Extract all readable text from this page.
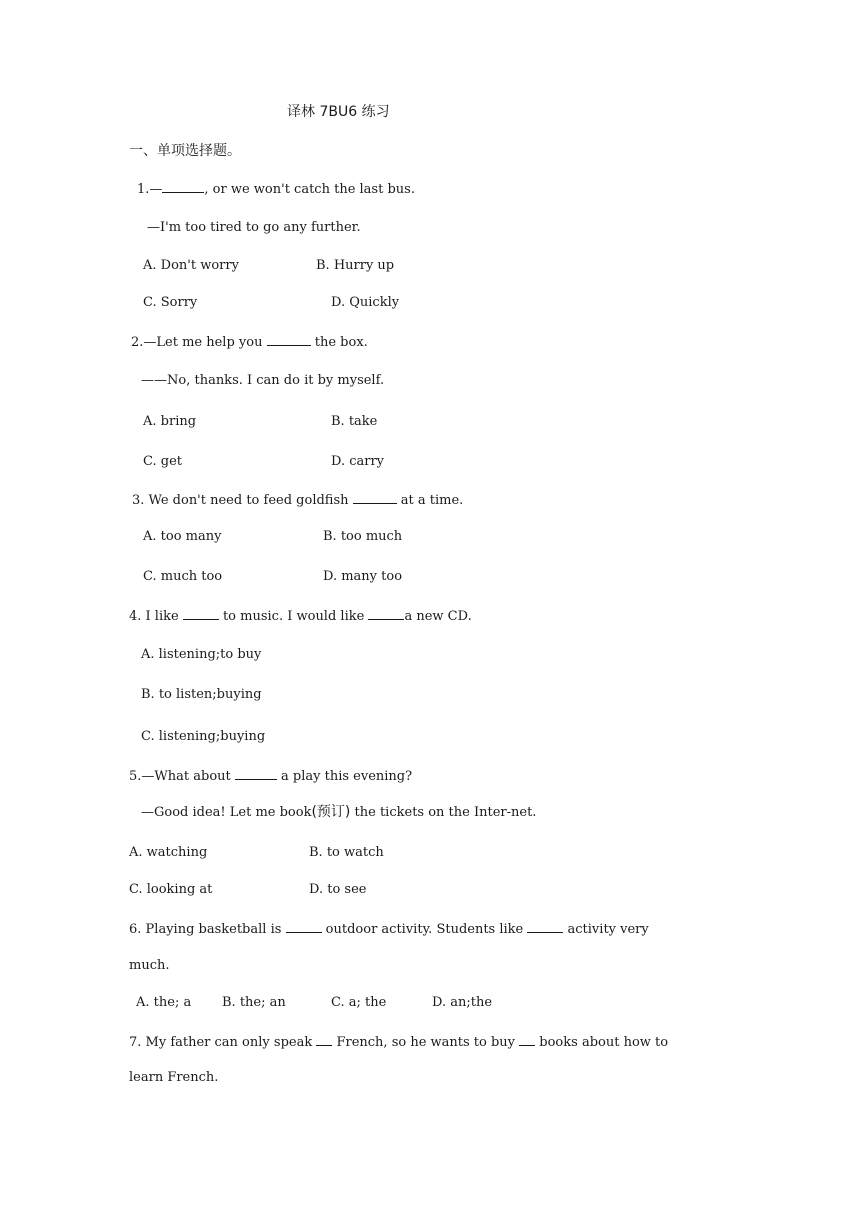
译林 7BU6 练习
一、单项选择题。
1.—	, or we won't catch the last bus.
—I'm too tired to go any further.
A. Don't worry	B. Hurry up
C. Sorry	D. Quickly
2.—Let me help you	the box.
——No, thanks. I can do it by myself.
A. bring	B. take
C. get	D. carry
3. We don't need to feed goldfish	at a time.
A. too many	B. too much
C. much too	D. many too
4. I like	to music. I would like	a new CD.
A. listening;to buy
B. to listen;buying
C. listening;buying
5.—What about	a play this evening?
—Good idea! Let me book(预订) the tickets on the Inter-net.
A. watching	B. to watch
C. looking at	D. to see
6. Playing basketball is	outdoor activity. Students like	activity very
much.
A. the; a B. the; an	C. a; the	D. an;the
7. My father can only speak  French, so he wants to buy  books about how to
learn French.
